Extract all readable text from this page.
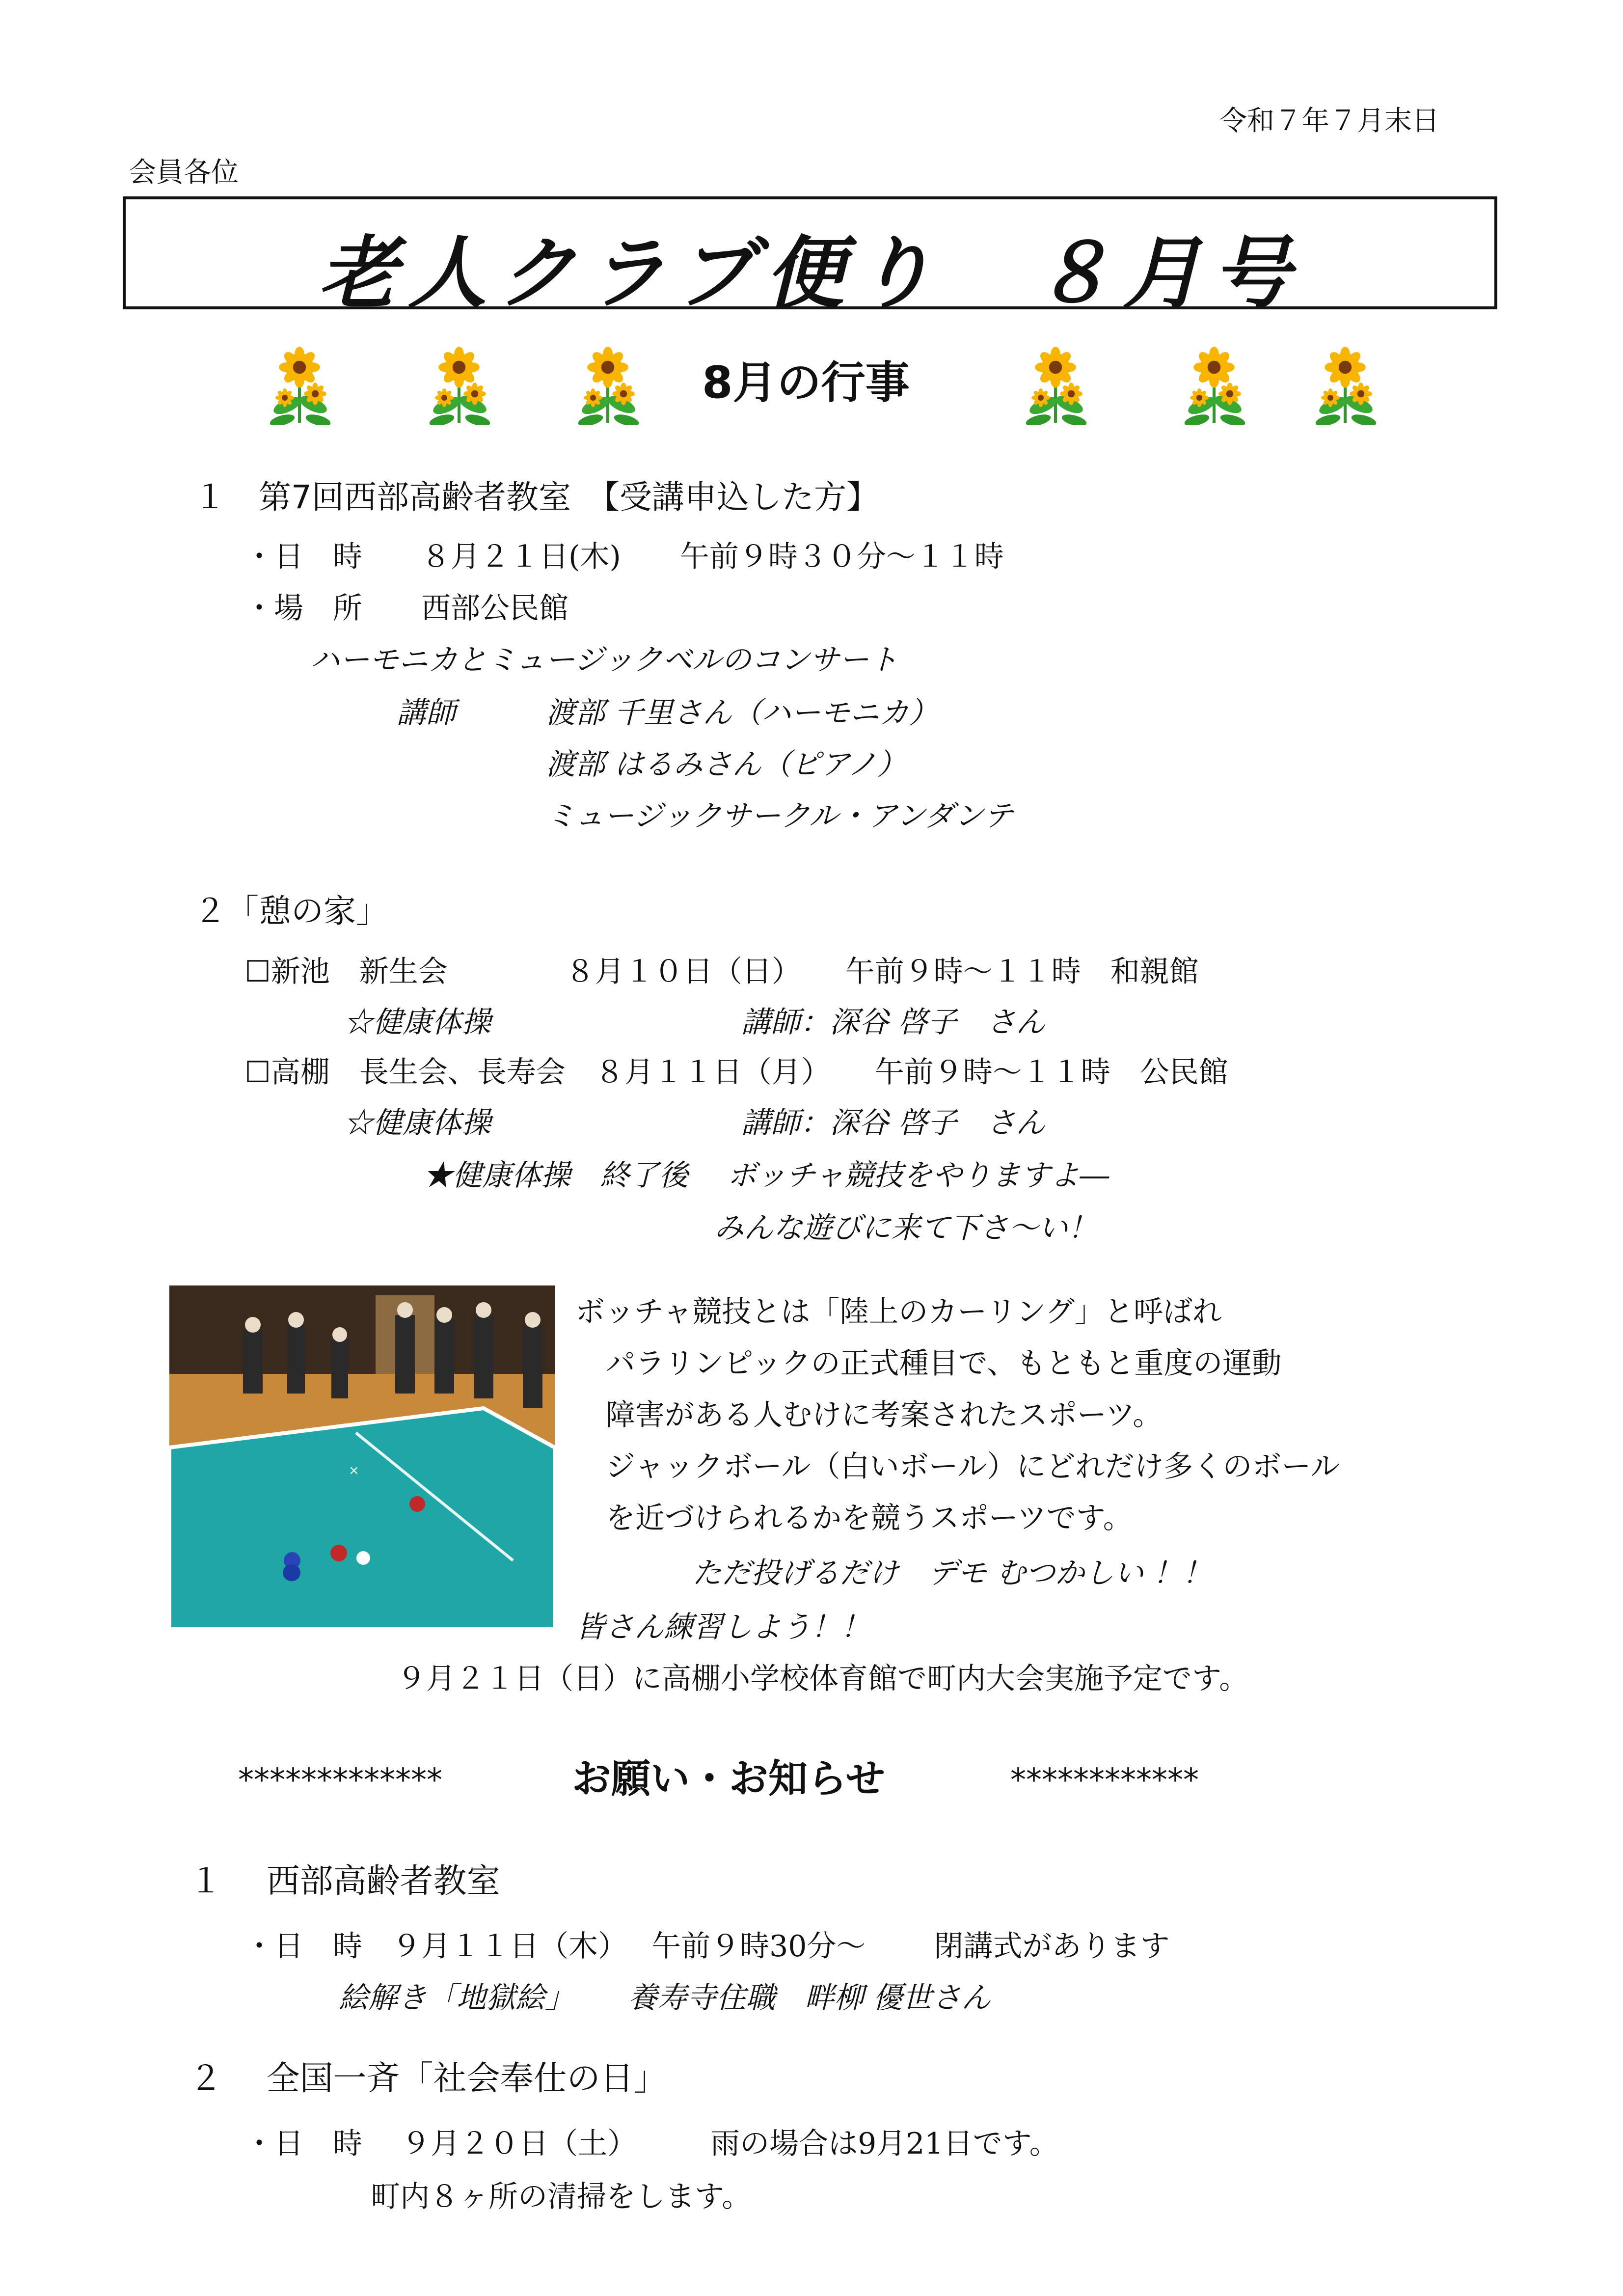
令和７年７月末日
会員各位
老人クラブ便り　８月号
8月の行事
１　第7回西部高齢者教室　【受講申込した方】
・日　時　　８月２１日(木)　　午前９時３０分～１１時
・場　所　　西部公民館
ハーモニカとミュージックベルのコンサート
講師	渡部 千里さん（ハーモニカ）
渡部 はるみさん（ピアノ）
ミュージックサークル・アンダンテ
２「憩の家」
☐新池　新生会　　　　８月１０日（日）　　午前９時～１１時　和親館
☆健康体操	講師：深谷 啓子　さん
☐高棚　長生会、長寿会　８月１１日（月）　　午前９時～１１時　公民館
☆健康体操	講師：深谷 啓子　さん
★健康体操　終了後　 ボッチャ競技をやりますよ―
みんな遊びに来て下さ～い！
×
ボッチャ競技とは「陸上のカーリング」と呼ばれ
パラリンピックの正式種目で、もともと重度の運動
障害がある人むけに考案されたスポーツ。
ジャックボール（白いボール）にどれだけ多くのボール
を近づけられるかを競うスポーツです。
ただ投げるだけ　デモ むつかしい ！！
皆さん練習しよう！！
９月２１日（日）に高棚小学校体育館で町内大会実施予定です。
*************	お願い・お知らせ	************
１　 西部高齢者教室
・日　時　９月１１日（木）　 午前９時30分～　　 閉講式があります
絵解き「地獄絵」　　 養寿寺住職　畔柳 優世さん
２　 全国一斉「社会奉仕の日」
・日　時　 ９月２０日（土）　　　雨の場合は9月21日です。
町内８ヶ所の清掃をします。
